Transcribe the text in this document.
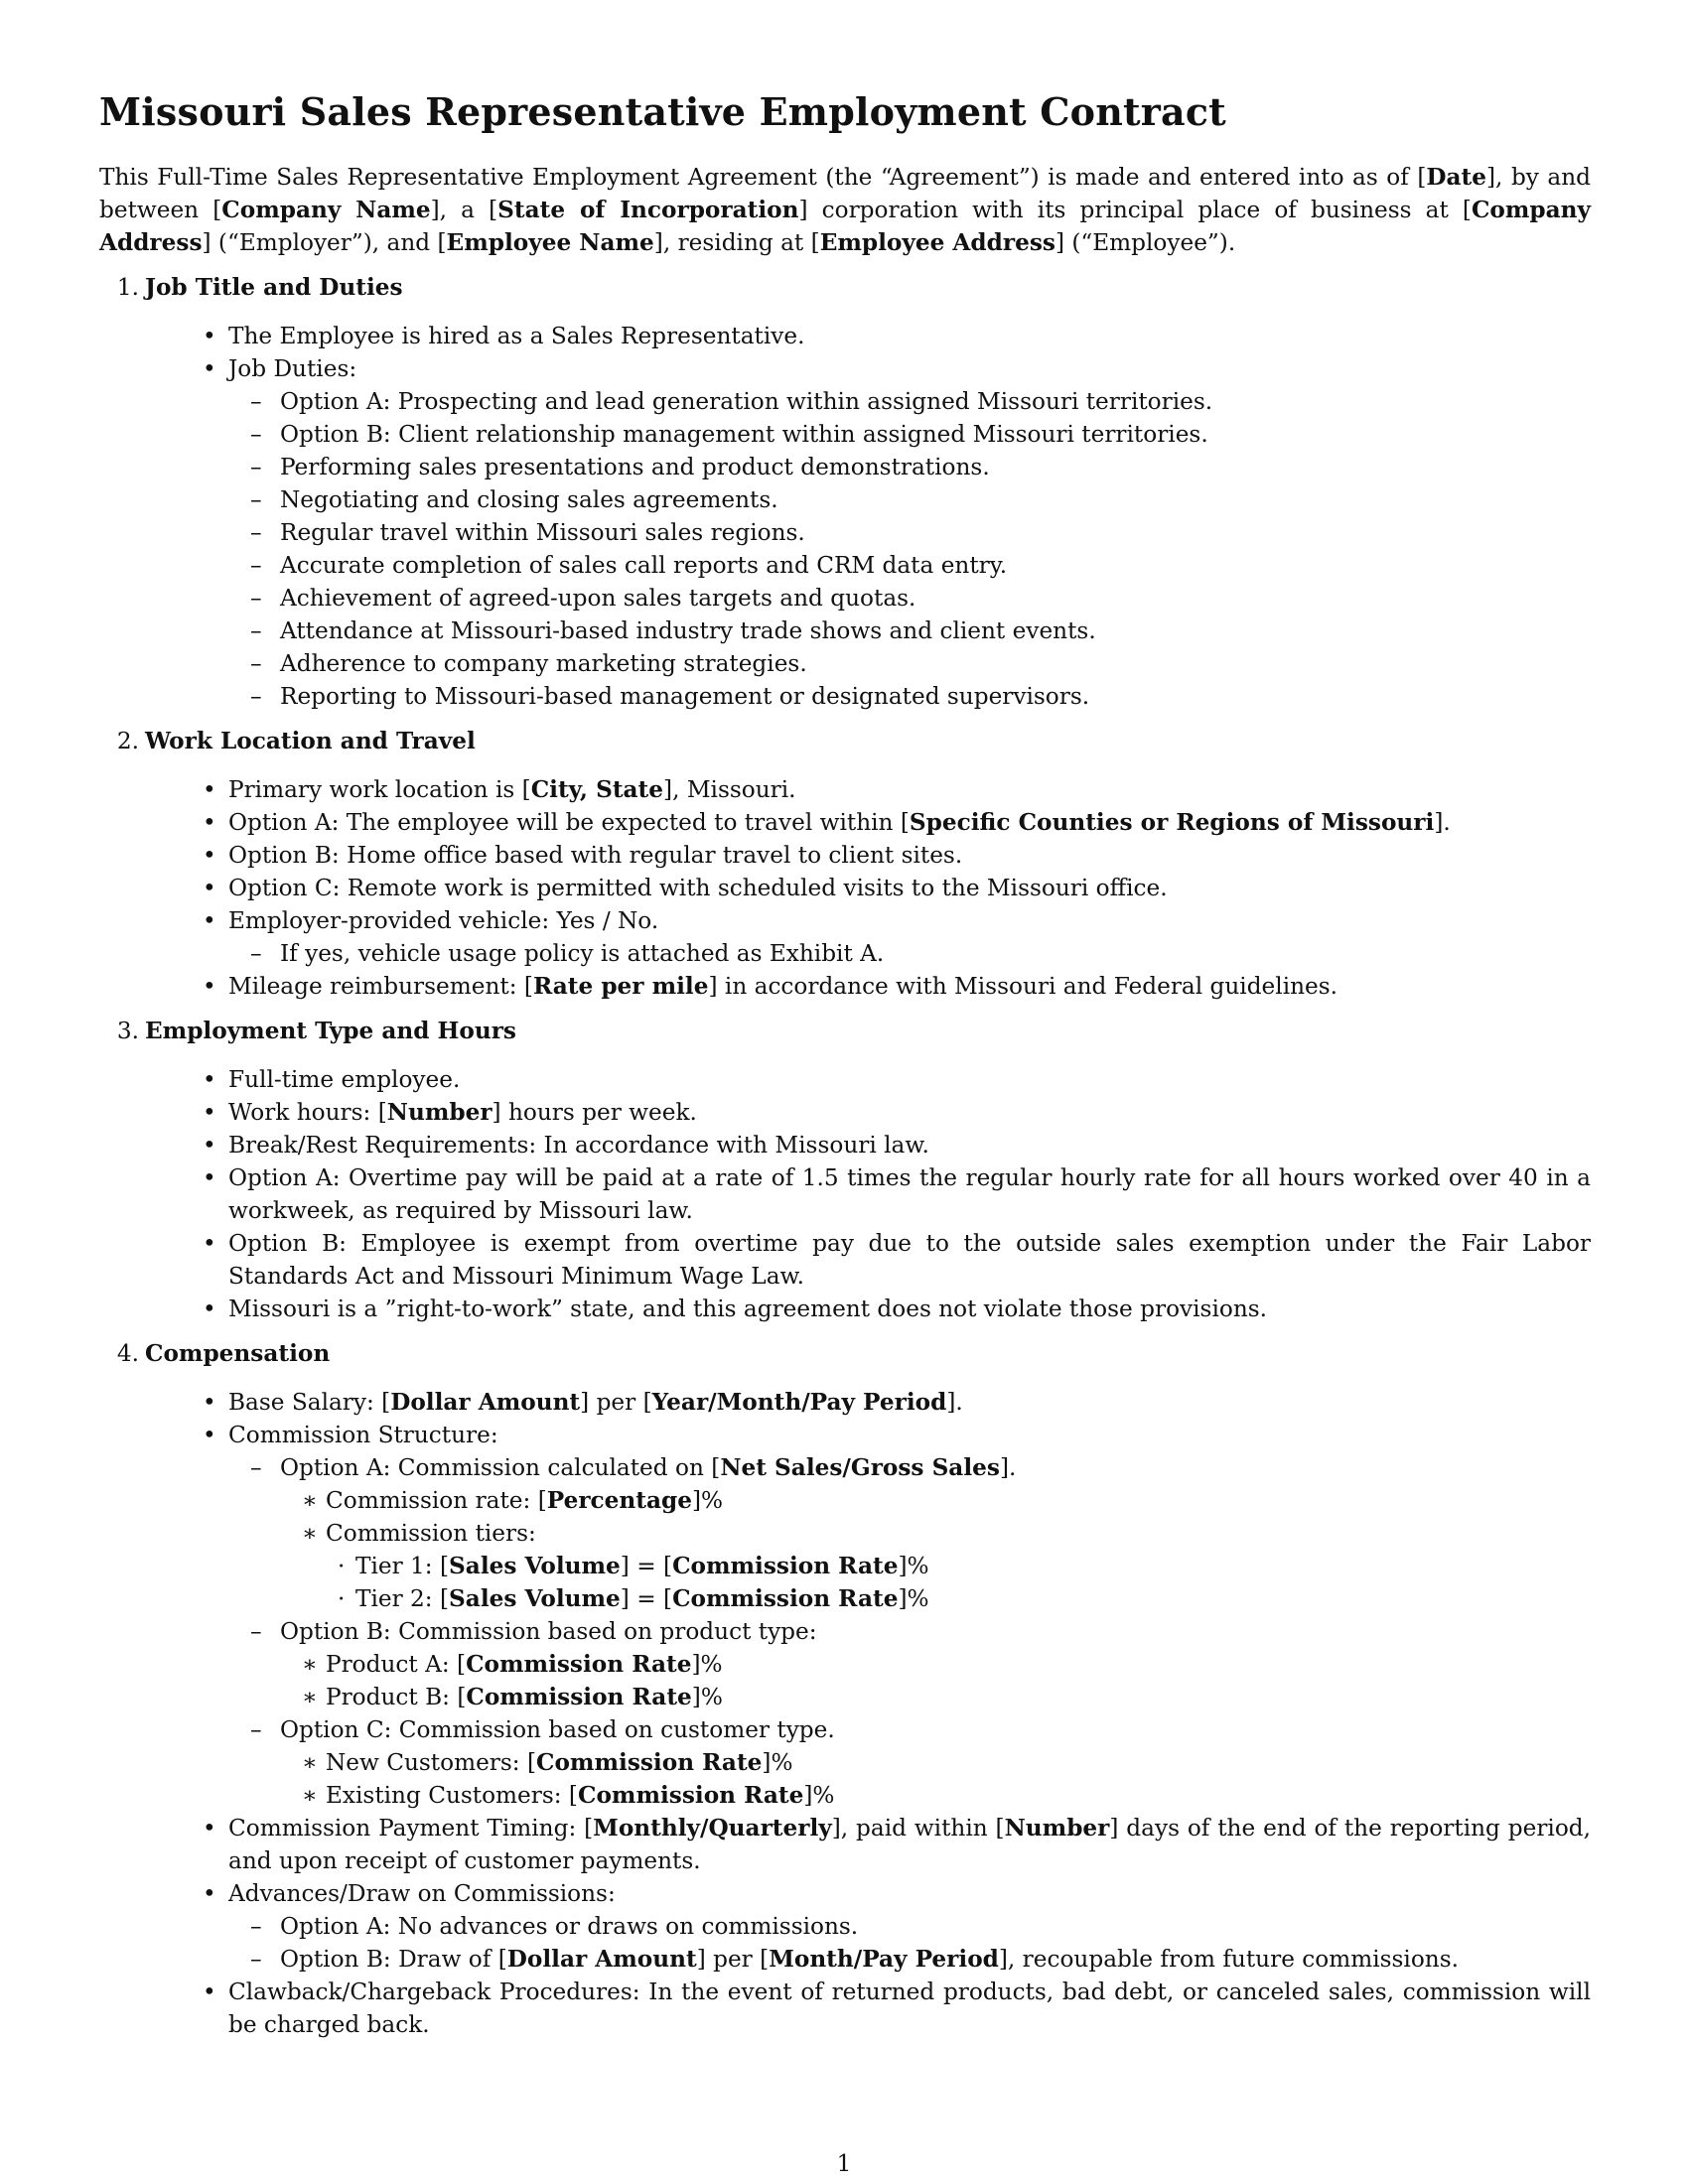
Missouri Sales Representative Employment Contract

This Full-Time Sales Representative Employment Agreement (the “Agreement”) is made and entered into as of [Date], by and between [Company Name], a [State of Incorporation] corporation with its principal place of business at [Company Address] (“Employer”), and [Employee Name], residing at [Employee Address] (“Employee”).

1. Job Title and Duties
• The Employee is hired as a Sales Representative.
• Job Duties:
– Option A: Prospecting and lead generation within assigned Missouri territories.
– Option B: Client relationship management within assigned Missouri territories.
– Performing sales presentations and product demonstrations.
– Negotiating and closing sales agreements.
– Regular travel within Missouri sales regions.
– Accurate completion of sales call reports and CRM data entry.
– Achievement of agreed-upon sales targets and quotas.
– Attendance at Missouri-based industry trade shows and client events.
– Adherence to company marketing strategies.
– Reporting to Missouri-based management or designated supervisors.
2. Work Location and Travel
• Primary work location is [City, State], Missouri.
• Option A: The employee will be expected to travel within [Specific Counties or Regions of Missouri].
• Option B: Home office based with regular travel to client sites.
• Option C: Remote work is permitted with scheduled visits to the Missouri office.
• Employer-provided vehicle: Yes / No.
– If yes, vehicle usage policy is attached as Exhibit A.
• Mileage reimbursement: [Rate per mile] in accordance with Missouri and Federal guidelines.
3. Employment Type and Hours
• Full-time employee.
• Work hours: [Number] hours per week.
• Break/Rest Requirements: In accordance with Missouri law.
• Option A: Overtime pay will be paid at a rate of 1.5 times the regular hourly rate for all hours worked over 40 in a workweek, as required by Missouri law.
• Option B: Employee is exempt from overtime pay due to the outside sales exemption under the Fair Labor Standards Act and Missouri Minimum Wage Law.
• Missouri is a ”right-to-work” state, and this agreement does not violate those provisions.
4. Compensation
• Base Salary: [Dollar Amount] per [Year/Month/Pay Period].
• Commission Structure:
– Option A: Commission calculated on [Net Sales/Gross Sales].
∗ Commission rate: [Percentage]%
∗ Commission tiers:
· Tier 1: [Sales Volume] = [Commission Rate]%
· Tier 2: [Sales Volume] = [Commission Rate]%
– Option B: Commission based on product type:
∗ Product A: [Commission Rate]%
∗ Product B: [Commission Rate]%
– Option C: Commission based on customer type.
∗ New Customers: [Commission Rate]%
∗ Existing Customers: [Commission Rate]%
• Commission Payment Timing: [Monthly/Quarterly], paid within [Number] days of the end of the reporting period, and upon receipt of customer payments.
• Advances/Draw on Commissions:
– Option A: No advances or draws on commissions.
– Option B: Draw of [Dollar Amount] per [Month/Pay Period], recoupable from future commissions.
• Clawback/Chargeback Procedures: In the event of returned products, bad debt, or canceled sales, commission will be charged back.
1
